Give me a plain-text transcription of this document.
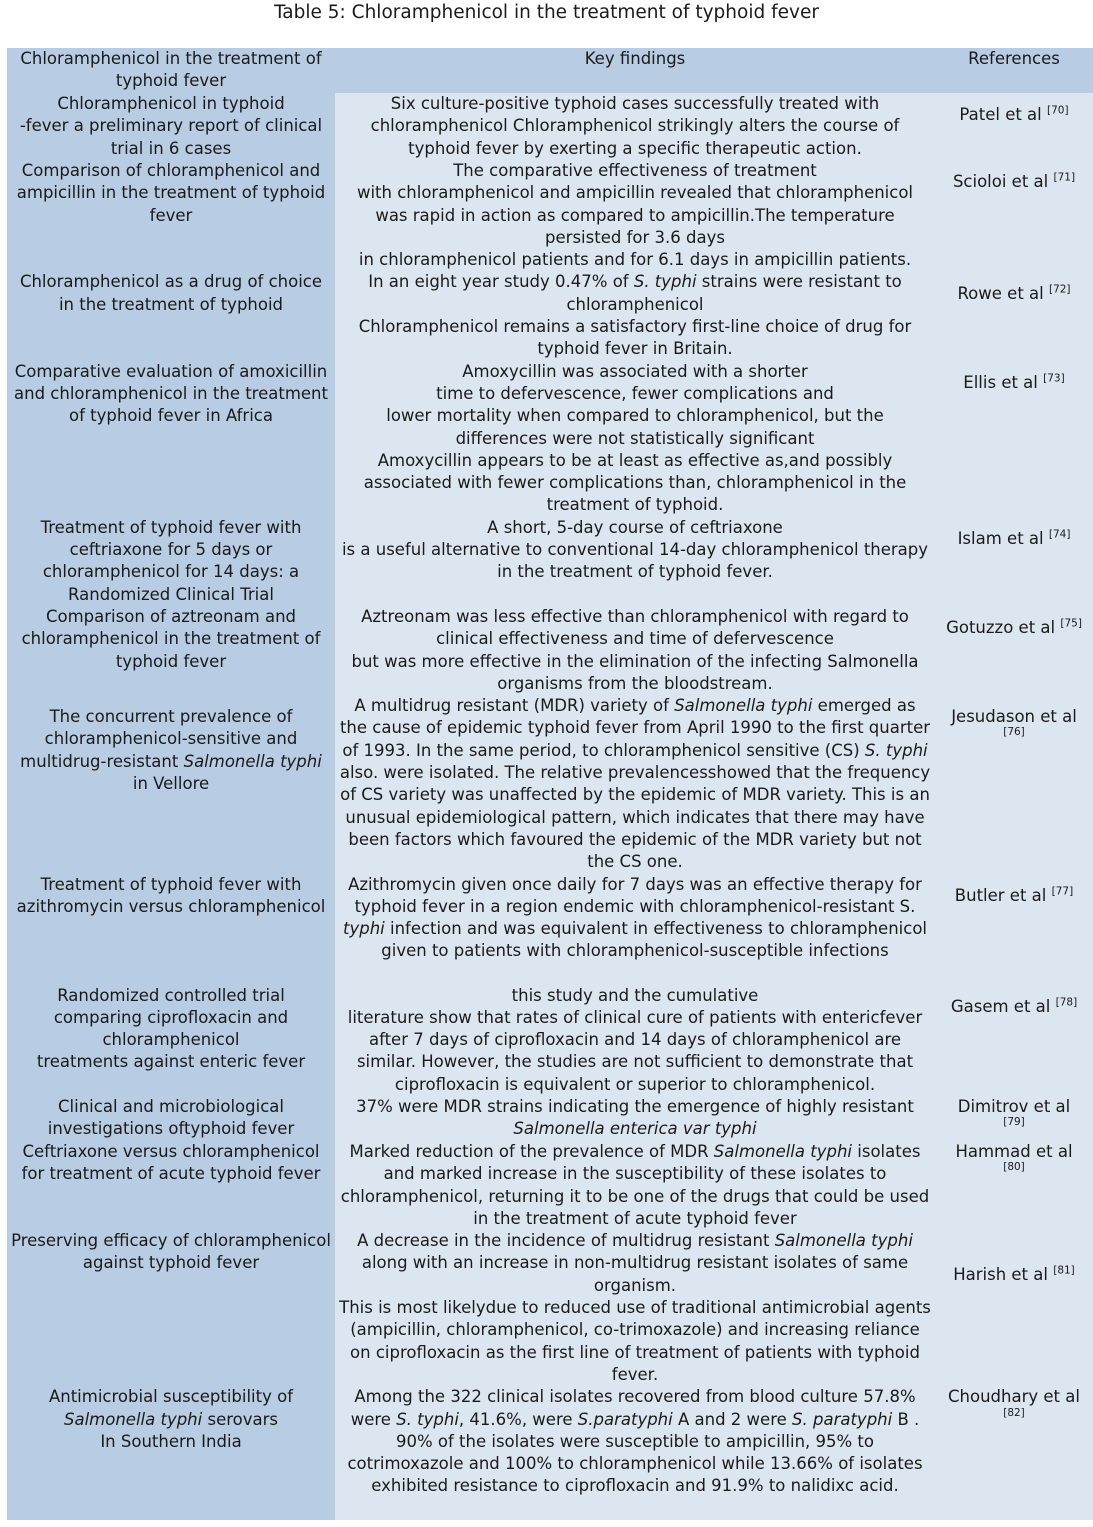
Table 5: Chloramphenicol in the treatment of typhoid fever
Chloramphenicol in the treatment of typhoid fever	Key findings	References

Chloramphenicol in typhoid
-fever a preliminary report of clinical trial in 6 cases	Six culture-positive typhoid cases successfully treated with chloramphenicol Chloramphenicol strikingly alters the course of typhoid fever by exerting a specific therapeutic action.	Patel et al [70]

Comparison of chloramphenicol and ampicillin in the treatment of typhoid fever	The comparative effectiveness of treatment
with chloramphenicol and ampicillin revealed that chloramphenicol was rapid in action as compared to ampicillin.The temperature persisted for 3.6 days
in chloramphenicol patients and for 6.1 days in ampicillin patients.	Scioloi et al [71]

Chloramphenicol as a drug of choice in the treatment of typhoid	In an eight year study 0.47% of S. typhi strains were resistant to chloramphenicol
Chloramphenicol remains a satisfactory first-line choice of drug for typhoid fever in Britain.	Rowe et al [72]

Comparative evaluation of amoxicillin and chloramphenicol in the treatment of typhoid fever in Africa	Amoxycillin was associated with a shorter
time to defervescence, fewer complications and
lower mortality when compared to chloramphenicol, but the differences were not statistically significant
Amoxycillin appears to be at least as effective as,and possibly associated with fewer complications than, chloramphenicol in the treatment of typhoid.	Ellis et al [73]

Treatment of typhoid fever with ceftriaxone for 5 days or chloramphenicol for 14 days: a Randomized Clinical Trial	A short, 5-day course of ceftriaxone
is a useful alternative to conventional 14-day chloramphenicol therapy in the treatment of typhoid fever.	Islam et al [74]

Comparison of aztreonam and chloramphenicol in the treatment of typhoid fever	Aztreonam was less effective than chloramphenicol with regard to clinical effectiveness and time of defervescence
but was more effective in the elimination of the infecting Salmonella organisms from the bloodstream.	Gotuzzo et al [75]

The concurrent prevalence of chloramphenicol-sensitive and multidrug-resistant Salmonella typhi in Vellore	A multidrug resistant (MDR) variety of Salmonella typhi emerged as the cause of epidemic typhoid fever from April 1990 to the first quarter of 1993. In the same period, to chloramphenicol sensitive (CS) S. typhi also. were isolated. The relative prevalencesshowed that the frequency of CS variety was unaffected by the epidemic of MDR variety. This is an unusual epidemiological pattern, which indicates that there may have been factors which favoured the epidemic of the MDR variety but not the CS one.	Jesudason et al
[76]

Treatment of typhoid fever with azithromycin versus chloramphenicol	Azithromycin given once daily for 7 days was an effective therapy for typhoid fever in a region endemic with chloramphenicol-resistant S. typhi infection and was equivalent in effectiveness to chloramphenicol given to patients with chloramphenicol-susceptible infections	Butler et al [77]

Randomized controlled trial comparing ciprofloxacin and chloramphenicol
treatments against enteric fever	this study and the cumulative
literature show that rates of clinical cure of patients with entericfever after 7 days of ciprofloxacin and 14 days of chloramphenicol are similar. However, the studies are not sufficient to demonstrate that ciprofloxacin is equivalent or superior to chloramphenicol.	Gasem et al [78]

Clinical and microbiological investigations oftyphoid fever	37% were MDR strains indicating the emergence of highly resistant Salmonella enterica var typhi	Dimitrov et al
[79]

Ceftriaxone versus chloramphenicol for treatment of acute typhoid fever	Marked reduction of the prevalence of MDR Salmonella typhi isolates and marked increase in the susceptibility of these isolates to chloramphenicol, returning it to be one of the drugs that could be used in the treatment of acute typhoid fever	Hammad et al
[80]

Preserving efficacy of chloramphenicol against typhoid fever	A decrease in the incidence of multidrug resistant Salmonella typhi along with an increase in non-multidrug resistant isolates of same organism.
This is most likelydue to reduced use of traditional antimicrobial agents (ampicillin, chloramphenicol, co-trimoxazole) and increasing reliance on ciprofloxacin as the first line of treatment of patients with typhoid fever.	Harish et al [81]

Antimicrobial susceptibility of Salmonella typhi serovars
In Southern India	Among the 322 clinical isolates recovered from blood culture 57.8% were S. typhi, 41.6%, were S.paratyphi A and 2 were S. paratyphi B . 90% of the isolates were susceptible to ampicillin, 95% to cotrimoxazole and 100% to chloramphenicol while 13.66% of isolates exhibited resistance to ciprofloxacin and 91.9% to nalidixc acid.	Choudhary et al
[82]
